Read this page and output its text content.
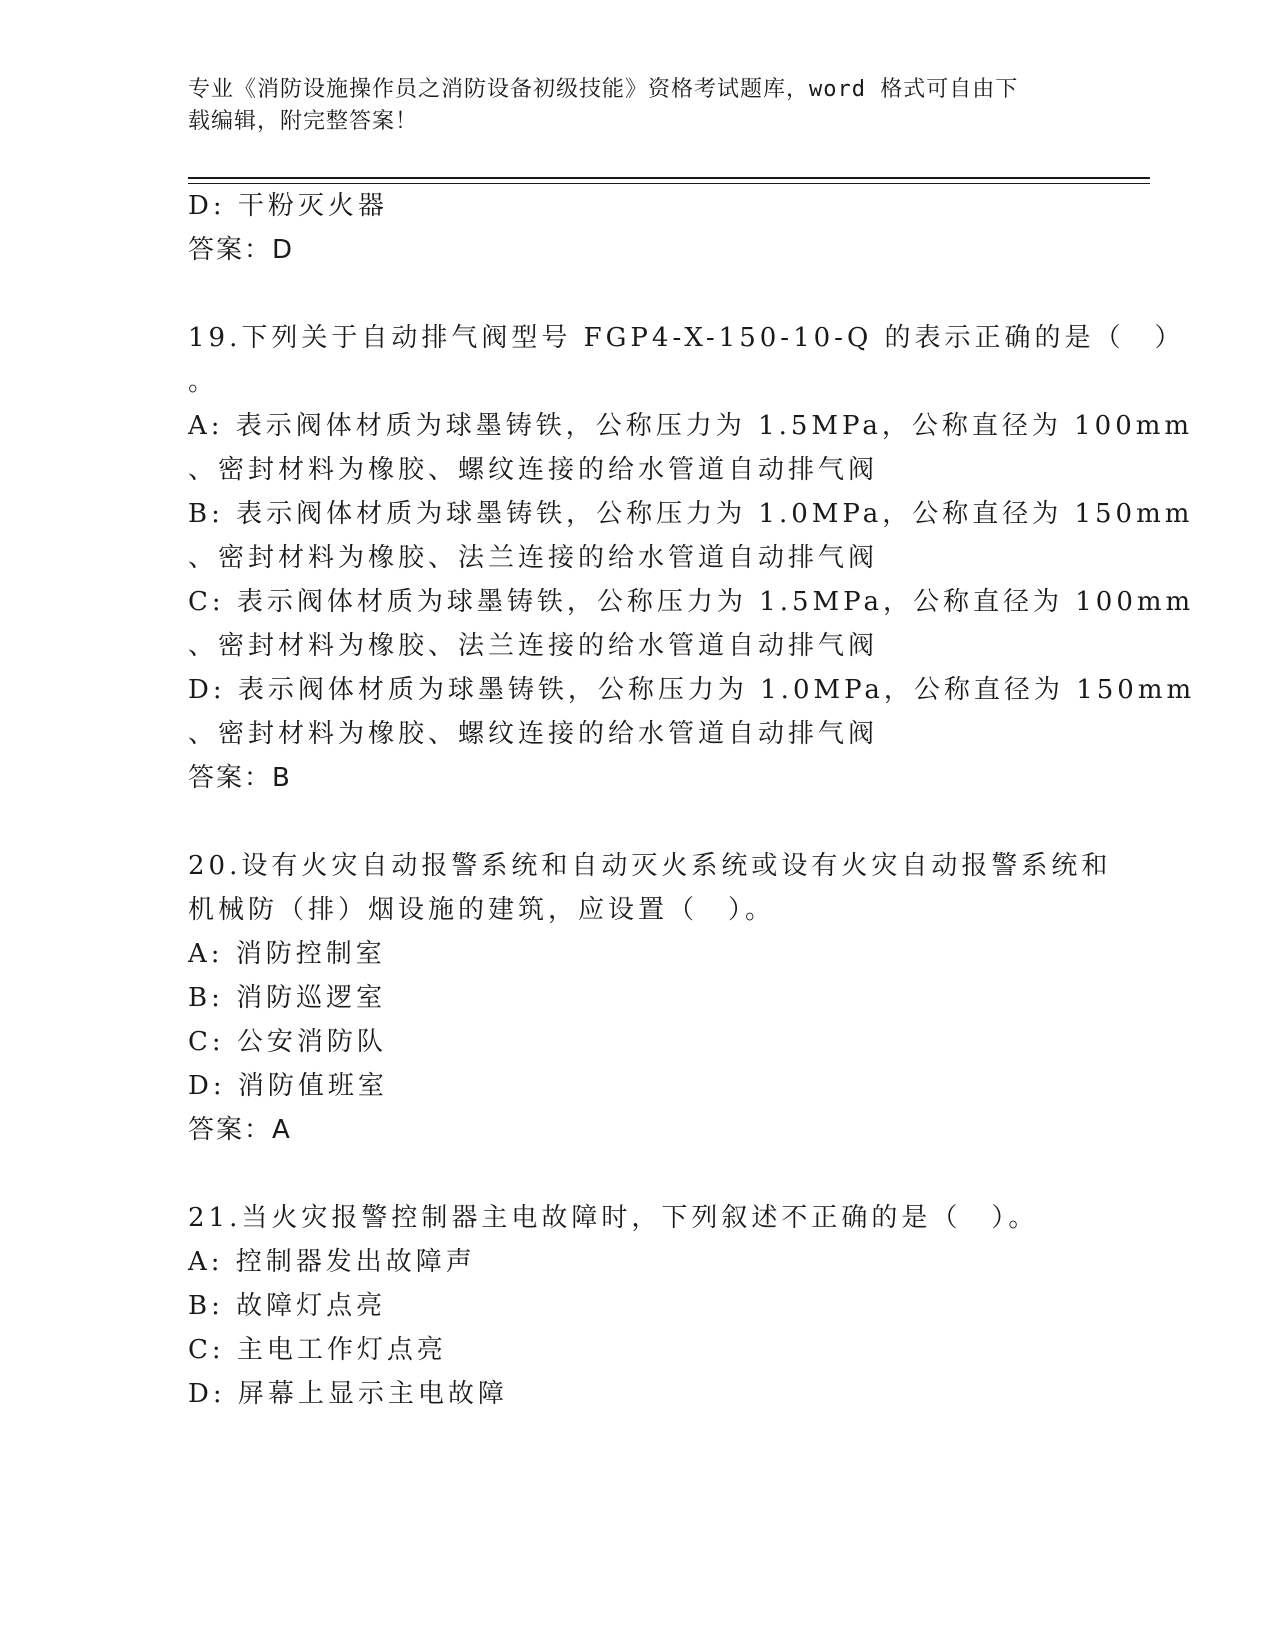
专业《消防设施操作员之消防设备初级技能》资格考试题库，word 格式可自由下
载编辑，附完整答案！
D: 干粉灭火器
答案：D
19.下列关于自动排气阀型号 FGP4-X-150-10-Q 的表示正确的是（　）
。
A: 表示阀体材质为球墨铸铁，公称压力为 1.5MPa，公称直径为 100mm
、密封材料为橡胶、螺纹连接的给水管道自动排气阀
B: 表示阀体材质为球墨铸铁，公称压力为 1.0MPa，公称直径为 150mm
、密封材料为橡胶、法兰连接的给水管道自动排气阀
C: 表示阀体材质为球墨铸铁，公称压力为 1.5MPa，公称直径为 100mm
、密封材料为橡胶、法兰连接的给水管道自动排气阀
D: 表示阀体材质为球墨铸铁，公称压力为 1.0MPa，公称直径为 150mm
、密封材料为橡胶、螺纹连接的给水管道自动排气阀
答案：B
20.设有火灾自动报警系统和自动灭火系统或设有火灾自动报警系统和
机械防（排）烟设施的建筑，应设置（　）。
A: 消防控制室
B: 消防巡逻室
C: 公安消防队
D: 消防值班室
答案：A
21.当火灾报警控制器主电故障时，下列叙述不正确的是（　）。
A: 控制器发出故障声
B: 故障灯点亮
C: 主电工作灯点亮
D: 屏幕上显示主电故障
